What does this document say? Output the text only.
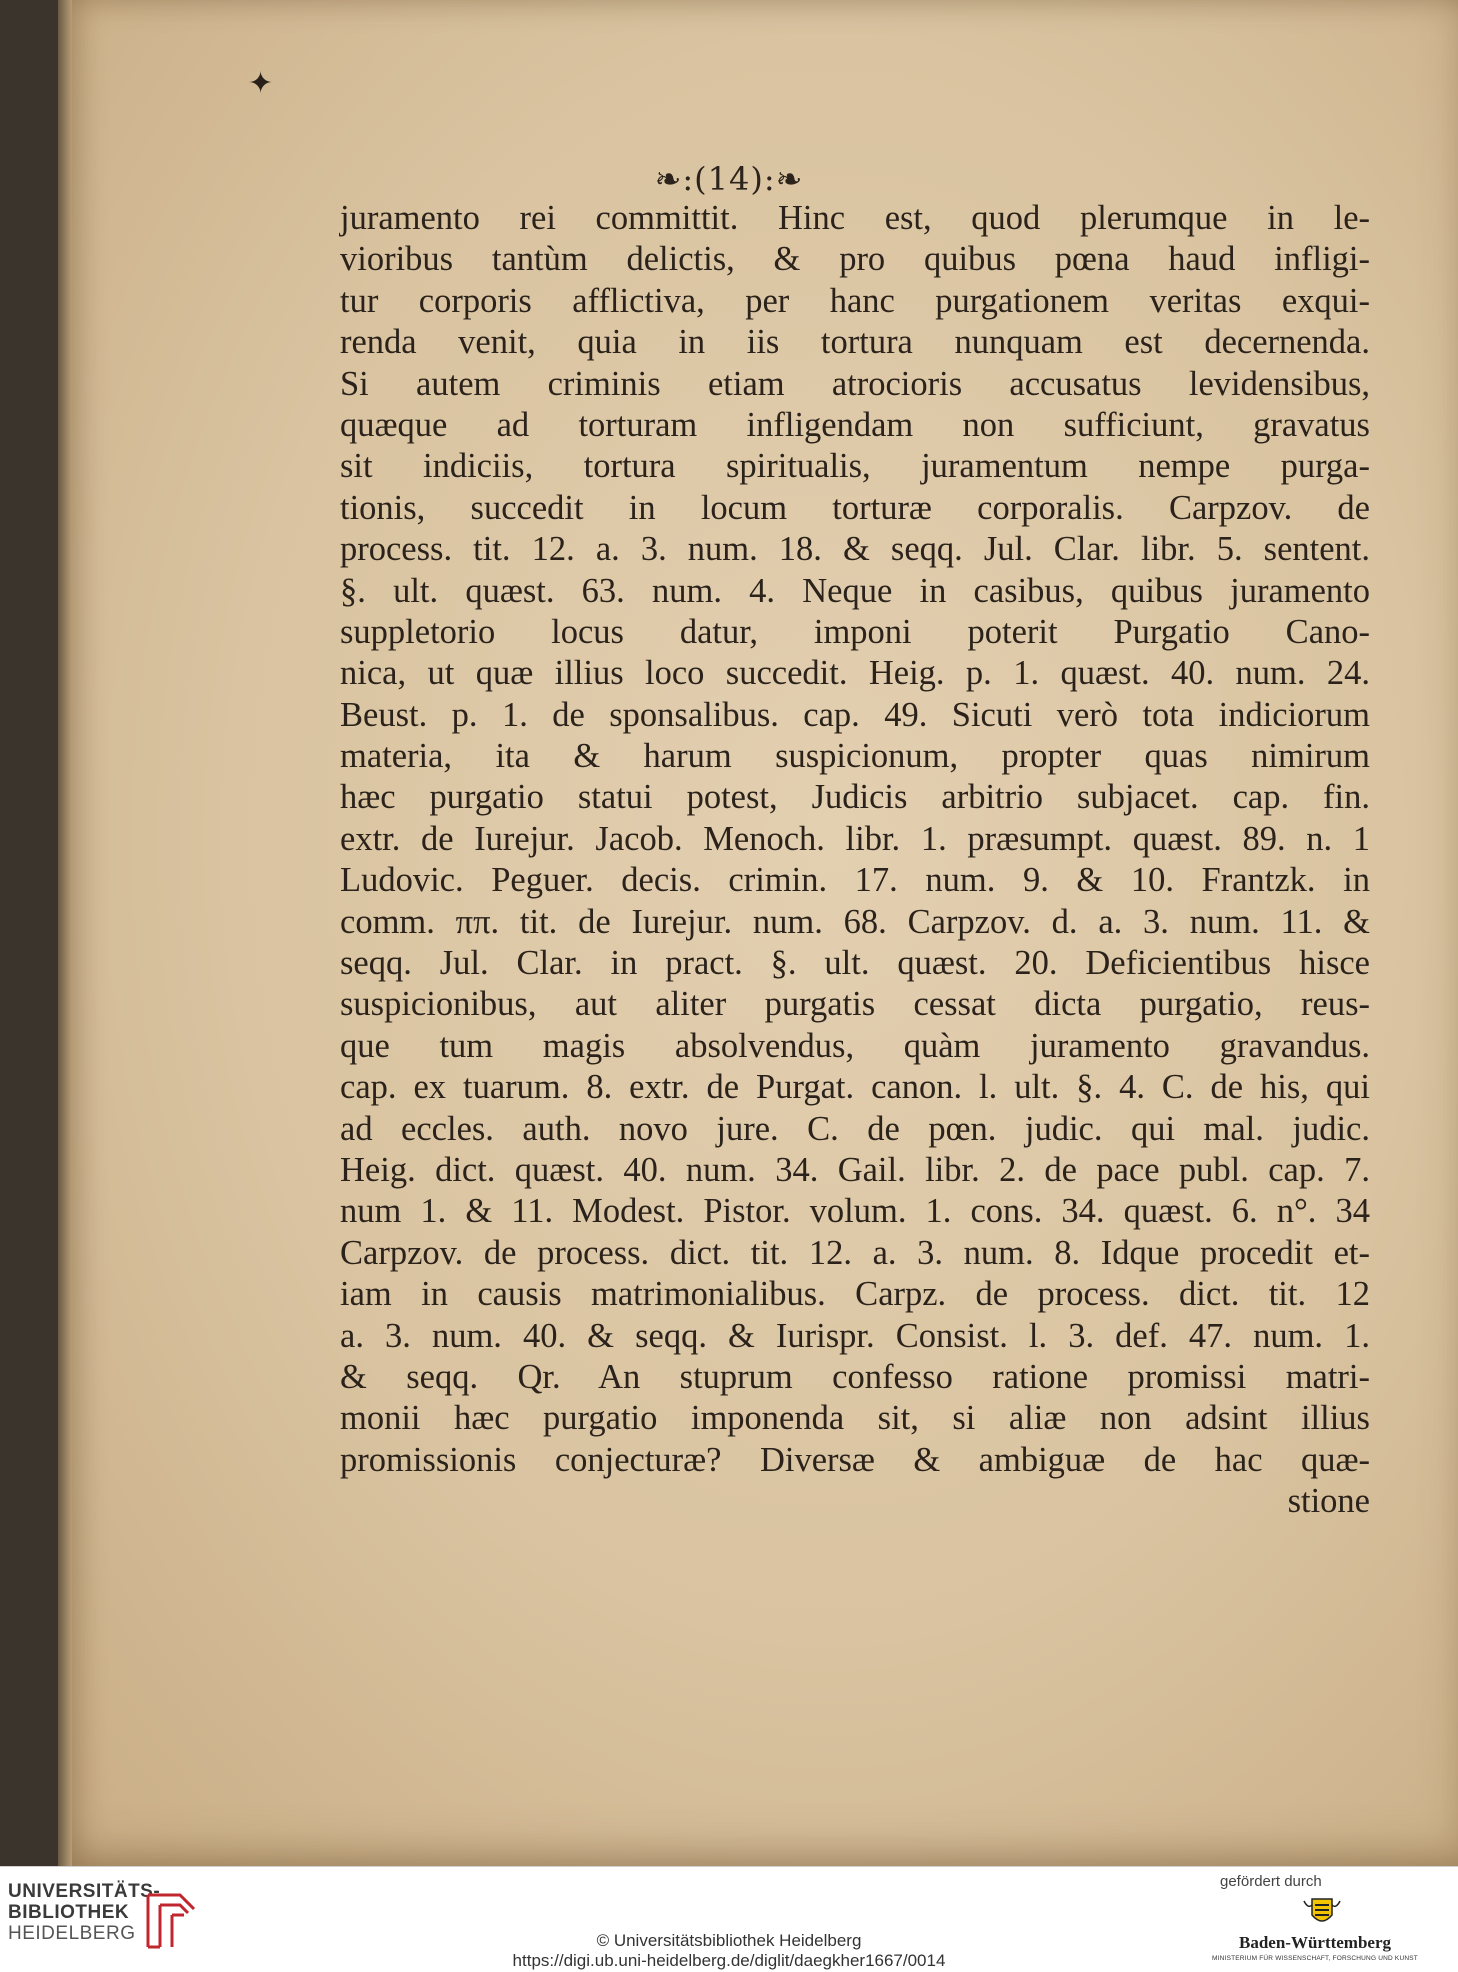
✦
❧:(14):❧
juramento rei committit. Hinc est, quod plerumque in le-
vioribus tantùm delictis, & pro quibus pœna haud infligi-
tur corporis afflictiva, per hanc purgationem veritas exqui-
renda venit, quia in iis tortura nunquam est decernenda.
Si autem criminis etiam atrocioris accusatus levidensibus,
quæque ad torturam infligendam non sufficiunt, gravatus
sit indiciis, tortura spiritualis, juramentum nempe purga-
tionis, succedit in locum torturæ corporalis. Carpzov. de
process. tit. 12. a. 3. num. 18. & seqq. Jul. Clar. libr. 5. sentent.
§. ult. quæst. 63. num. 4. Neque in casibus, quibus juramento
suppletorio locus datur, imponi poterit Purgatio Cano-
nica, ut quæ illius loco succedit. Heig. p. 1. quæst. 40. num. 24.
Beust. p. 1. de sponsalibus. cap. 49. Sicuti verò tota indiciorum
materia, ita & harum suspicionum, propter quas nimirum
hæc purgatio statui potest, Judicis arbitrio subjacet. cap. fin.
extr. de Iurejur. Jacob. Menoch. libr. 1. præsumpt. quæst. 89. n. 1
Ludovic. Peguer. decis. crimin. 17. num. 9. & 10. Frantzk. in
comm. ππ. tit. de Iurejur. num. 68. Carpzov. d. a. 3. num. 11. &
seqq. Jul. Clar. in pract. §. ult. quæst. 20. Deficientibus hisce
suspicionibus, aut aliter purgatis cessat dicta purgatio, reus-
que tum magis absolvendus, quàm juramento gravandus.
cap. ex tuarum. 8. extr. de Purgat. canon. l. ult. §. 4. C. de his, qui
ad eccles. auth. novo jure. C. de pœn. judic. qui mal. judic.
Heig. dict. quæst. 40. num. 34. Gail. libr. 2. de pace publ. cap. 7.
num 1. & 11. Modest. Pistor. volum. 1. cons. 34. quæst. 6. n°. 34
Carpzov. de process. dict. tit. 12. a. 3. num. 8. Idque procedit et-
iam in causis matrimonialibus. Carpz. de process. dict. tit. 12
a. 3. num. 40. & seqq. & Iurispr. Consist. l. 3. def. 47. num. 1.
& seqq. Qr. An stuprum confesso ratione promissi matri-
monii hæc purgatio imponenda sit, si aliæ non adsint illius
promissionis conjecturæ? Diversæ & ambiguæ de hac quæ-
stione
UNIVERSITÄTS-
BIBLIOTHEK
HEIDELBERG	© Universitätsbibliothek Heidelberg
https://digi.ub.uni-heidelberg.de/diglit/daegkher1667/0014
gefördert durch
Baden-Württemberg
MINISTERIUM FÜR WISSENSCHAFT, FORSCHUNG UND KUNST
